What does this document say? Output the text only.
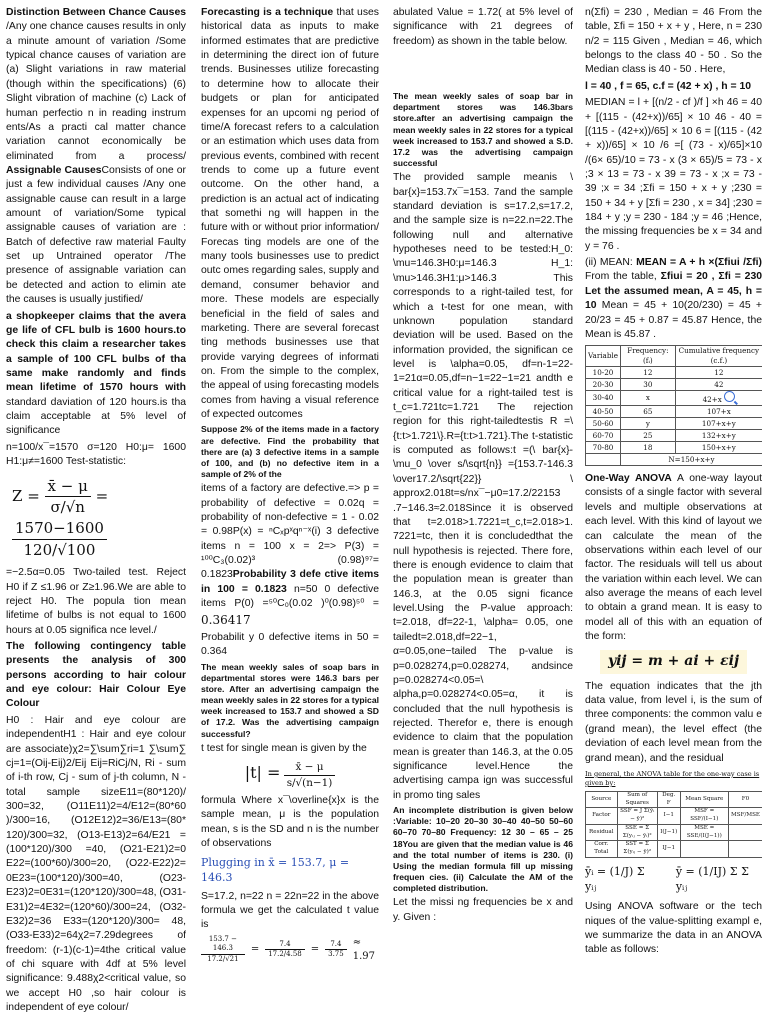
Distinction Between Chance Causes /Any one chance causes results in only a minute amount of variation /Some typical chance causes of variation are (a) Slight variations in raw material (though within the specifications) (6) Slight vibration of machine (c) Lack of human perfectio n in reading instrum ents/As a practi cal matter chance variation cannot economically be eliminated from a process/ Assignable CausesConsists of one or just a few individual causes /Any one assignable cause can result in a large amount of variation/Some typical assignable causes of variation are : Batch of defective raw material Faulty set up Untrained operator /The presence of assignable variation can be detected and action to elimin ate the causes is usually justified/

a shopkeeper claims that the avera ge life of CFL bulb is 1600 hours.to check this claim a researcher takes a sample of 100 CFL bulbs of tha same make randomly and finds mean lifetime of 1570 hours with standard daviation of 120 hours.is tha claim acceptable at 5% level of significance

n=100/x¯=1570 σ=120 H0:μ= 1600 H1:μ≠=1600 Test-statistic:

$Z = \frac{x̄ - \mu}{\sigma/√n}$ =
$\frac{1570-1600}{120/√100}$

=−2.5α=0.05 Two-tailed test. Reject H0 if Z ≤1.96 or Z≥1.96.We are able to reject H0. The popula tion mean lifetime of bulbs is not equal to 1600 hours at 0.05 significa nce level./

The following contingency table presents the analysis of 300 persons according to hair colour and eye colour: Hair Colour Eye Colour

H0 : Hair and eye colour are independentH1 : Hair and eye colour are associate)χ2=∑\sum∑ri=1 ∑\sum∑ cj=1=(Oij-Eij)2/Eij Eij=RiCj/N, Ri - sum of i-th row, Cj - sum of j-th column, N - total sample sizeE11=(80*120)/ 300=32, (O11E11)2=4/E12=(80*60 )/300=16, (O12E12)2=36/E13=(80* 120)/300=32, (O13-E13)2=64/E21 =(100*120)/300 =40, (O21-E21)2=0 E22=(100*60)/300=20, (O22-E22)2= 0E23=(100*120)/300=40, (O23-E23)2=0E31=(120*120)/300=48, (O31-E31)2=4E32=(120*60)/300=24, (O32-E32)2=36 E33=(120*120)/300= 48, (O33-E33)2=64χ2=7.29degrees of freedom: (r-1)(c-1)=4the critical value of chi square with 4df at 5% level significance: 9.488χ2<critical value, so we accept H0 ,so hair colour is independent of eye colour/

Forecasting is a technique that uses historical data as inputs to make informed estimates that are predictive in determining the direct ion of future trends. Businesses utilize forecasting to determine how to allocate their budgets or plan for anticipated expenses for an upcomi ng period of time/A forecast refers to a calculation or an estimation which uses data from previous events, combined with recent trends to come up a future event outcome. On the other hand, a prediction is an actual act of indicating that somethi ng will happen in the future with or without prior information/ Forecas ting models are one of the many tools businesses use to predict outc omes regarding sales, supply and demand, consumer behavior and more. These models are especially beneficial in the field of sales and marketing. There are several forecast ting methods businesses use that provide varying degrees of informati on. From the simple to the complex, the appeal of using forecasting models comes from having a visual reference of expected outcomes

Suppose 2% of the items made in a factory are defective. Find the probability that there are (a) 3 defective items in a sample of 100, and (b) no defective item in a sample of 2% of the

items of a factory are defective.=> p = probability of defective = 0.02q = probability of non-defective = 1 - 0.02 = 0.98P(x) = ⁿCₓpˣqⁿ⁻ˣ(i) 3 defective items n = 100 x = 2=> P(3) = ¹⁰⁰C₃(0.02)³ (0.98)⁹⁷= 0.1823Probability 3 defe ctive items in 100 = 0.1823 n=50 0 defective items P(0) =⁵⁰C₀(0.02 )⁰(0.98)⁵⁰ = 0.36417

Probabilit y 0 defective items in 50 = 0.364

The mean weekly sales of soap bars in departmental stores were 146.3 bars per store. After an advertising campaign the mean weekly sales in 22 stores for a typical week increased to 153.7 and showed a SD of 17.2. Was the advertising campaign successful?

t test for single mean is given by the

$|t| = \frac{x̄ - \mu}{s/√(n-1)}$

formula Where x¯\overline{x}x is the sample mean, μ is the population mean, s is the SD and n is the number of observations

Plugging in x̄ = 153.7, μ = 146.3

S=17.2, n=22 n = 22n=22 in the above formula we get the calculated t value is

$\frac{153.7 - 146.3}{17.2/√21} = \frac{7.4}{17.2/4.58} = \frac{7.4}{3.75} \approx 1.97$

abulated Value = 1.72( at 5% level of significance with 21 degrees of freedom) as shown in the table below.

The mean weekly sales of soap bar in department stores was 146.3bars store.after an advertising campaign the mean weekly sales in 22 stores for a typical week increased to 153.7 and showed a S.D. 17.2 was the advertising campaign successful

The provided sample meanis \ bar{x}=153.7x¯=153. 7and the sample standard deviation is s=17.2,s=17.2, and the sample size is n=22.n=22.The following null and alternative hypotheses need to be tested:H_0: \mu=146.3H0:μ=146.3 H_1: \mu>146.3H1:μ>146.3 This corresponds to a right-tailed test, for which a t-test for one mean, with unknown population standard deviation will be used. Based on the information provided, the significan ce level is \alpha=0.05, df=n-1=22-1=21α=0.05,df=n−1=22−1=21 andth e critical value for a right-tailed test is t_c=1.721tc=1.721 The rejection region for this right-tailedtestis R =\{t:t>1.721\}.R={t:t>1.721}.The t-statistic is computed as follows:t =(\ bar{x}-\mu_0 \over s/\sqrt{n}} ={153.7-146.3 \over17.2/\sqrt{22}} \ approx2.018t=s/nx¯−μ0=17.2/22153 .7−146.3≈2.018Since it is observed that t=2.018>1.7221=t_c,t=2.018>1. 7221=tc, then it is concludedthat the null hypothesis is rejected. There fore, there is enough evidence to claim that the population mean is greater than 146.3, at the 0.05 signi ficance level.Using the P-value approach: t=2.018, df=22-1, \alpha= 0.05, one tailedt=2.018,df=22−1, α=0.05,one−tailed The p-value is p=0.028274,p=0.028274, andsince p=0.028274<0.05=\ alpha,p=0.028274<0.05=α, it is concluded that the null hypothesis is rejected. Therefor e, there is enough evidence to claim that the population mean is greater than 146.3, at the 0.05 significance level.Hence the advertising campa ign was successful in promo ting sales

An incomplete distribution is given below :Variable: 10–20 20–30 30–40 40–50 50–60 60–70 70–80 Frequency: 12 30 – 65 – 25 18You are given that the median value is 46 and the total number of items is 230. (i) Using the median formula fill up missing frequen cies. (ii) Calculate the AM of the completed distribution.

Let the missi ng frequencies be x and y. Given :

n(Σfi) = 230 , Median = 46 From the table, Σfi = 150 + x + y , Here, n = 230 n/2 = 115 Given , Median = 46, which belongs to the class 40 - 50 . So the Median class is 40 - 50 . Here,

l = 40 , f = 65, c.f = (42 + x) , h = 10

MEDIAN = l + [(n/2 - cf )/f ] ×h 46 = 40 + [(115 - (42+x))/65] × 10 46 - 40 = [(115 - (42+x))/65] × 10 6 = [(115 - (42 + x))/65] × 10 /6 =[ (73 - x)/65]×10 /(6× 65)/10 = 73 - x (3 × 65)/5 = 73 - x ;3 × 13 = 73 - x 39 = 73 - x ;x = 73 - 39 ;x = 34 ;Σfi = 150 + x + y ;230 = 150 + 34 + y [Σfi = 230 , x = 34] ;230 = 184 + y ;y = 230 - 184 ;y = 46 ;Hence, the missing frequencies be x = 34 and y = 76 .

(ii) MEAN: MEAN = A + h ×(Σfiui /Σfi) From the table, Σfiui = 20 , Σfi = 230 Let the assumed mean, A = 45, h = 10 Mean = 45 + 10(20/230) = 45 + 20/23 = 45 + 0.87 = 45.87 Hence, the Mean is 45.87 .

Variable	Frequency: (fᵢ)	Cumulative frequency (c.f.)
10-20	12	12
20-30	30	42
30-40	x	42+x
40-50	65	107+x
50-60	y	107+x+y
60-70	25	132+x+y
70-80	18	150+x+y
	N=150+x+y	

One-Way ANOVA A one-way layout consists of a single factor with several levels and multiple observations at each level. With this kind of layout we can calculate the mean of the observations within each level of our factor. The residuals will tell us about the variation within each level. We can also average the means of each level to obtain a grand mean. It is easy to model all of this with an equation of the form:

yij = m + ai + εij

The equation indicates that the jth data value, from level i, is the sum of three components: the common valu e (grand mean), the level effect (the deviation of each level mean from the grand mean), and the residual

In general, the ANOVA table for the one-way case is given by:
Source	Sum of Squares	Deg. F	Mean Square	F0
Factor	SSF = J Σ(ȳᵢ − ȳ)²	I−1	MSF = SSF/(I−1)	MSF/MSE
Residual	SSE = Σ Σ(yᵢⱼ − ȳᵢ)²	I(J−1)	MSE = SSE/(I(J−1))	
Corr. Total	SST = Σ Σ(yᵢⱼ − ȳ)²	IJ−1		
ȳᵢ = (1/J) Σ yᵢⱼ
ȳ = (1/IJ) Σ Σ yᵢⱼ

Using ANOVA software or the tech niques of the value-splitting exampl e, we summarize the data in an ANOVA table as follows:
